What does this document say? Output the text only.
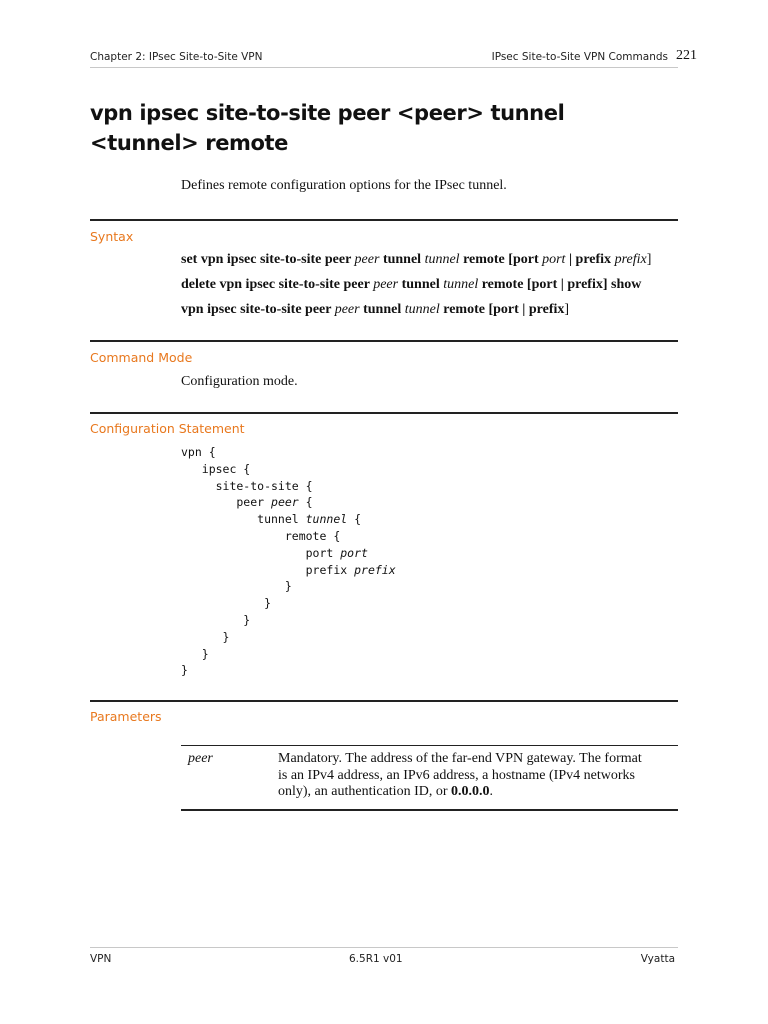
Chapter 2: IPsec Site-to-Site VPN	IPsec Site-to-Site VPN Commands 221
vpn ipsec site-to-site peer <peer> tunnel
<tunnel> remote
Defines remote configuration options for the IPsec tunnel.
Syntax
set vpn ipsec site-to-site peer peer tunnel tunnel remote [port port | prefix prefix]
delete vpn ipsec site-to-site peer peer tunnel tunnel remote [port | prefix] show
vpn ipsec site-to-site peer peer tunnel tunnel remote [port | prefix]
Command Mode
Configuration mode.
Configuration Statement
vpn {
ipsec {
site-to-site {
peer peer {
tunnel tunnel {
remote {
port port
prefix prefix
}
}
}
}
}
}
Parameters
peer	Mandatory. The address of the far-end VPN gateway. The format is an IPv4 address, an IPv6 address, a hostname (IPv4 networks only), an authentication ID, or 0.0.0.0.
VPN	6.5R1 v01	Vyatta
